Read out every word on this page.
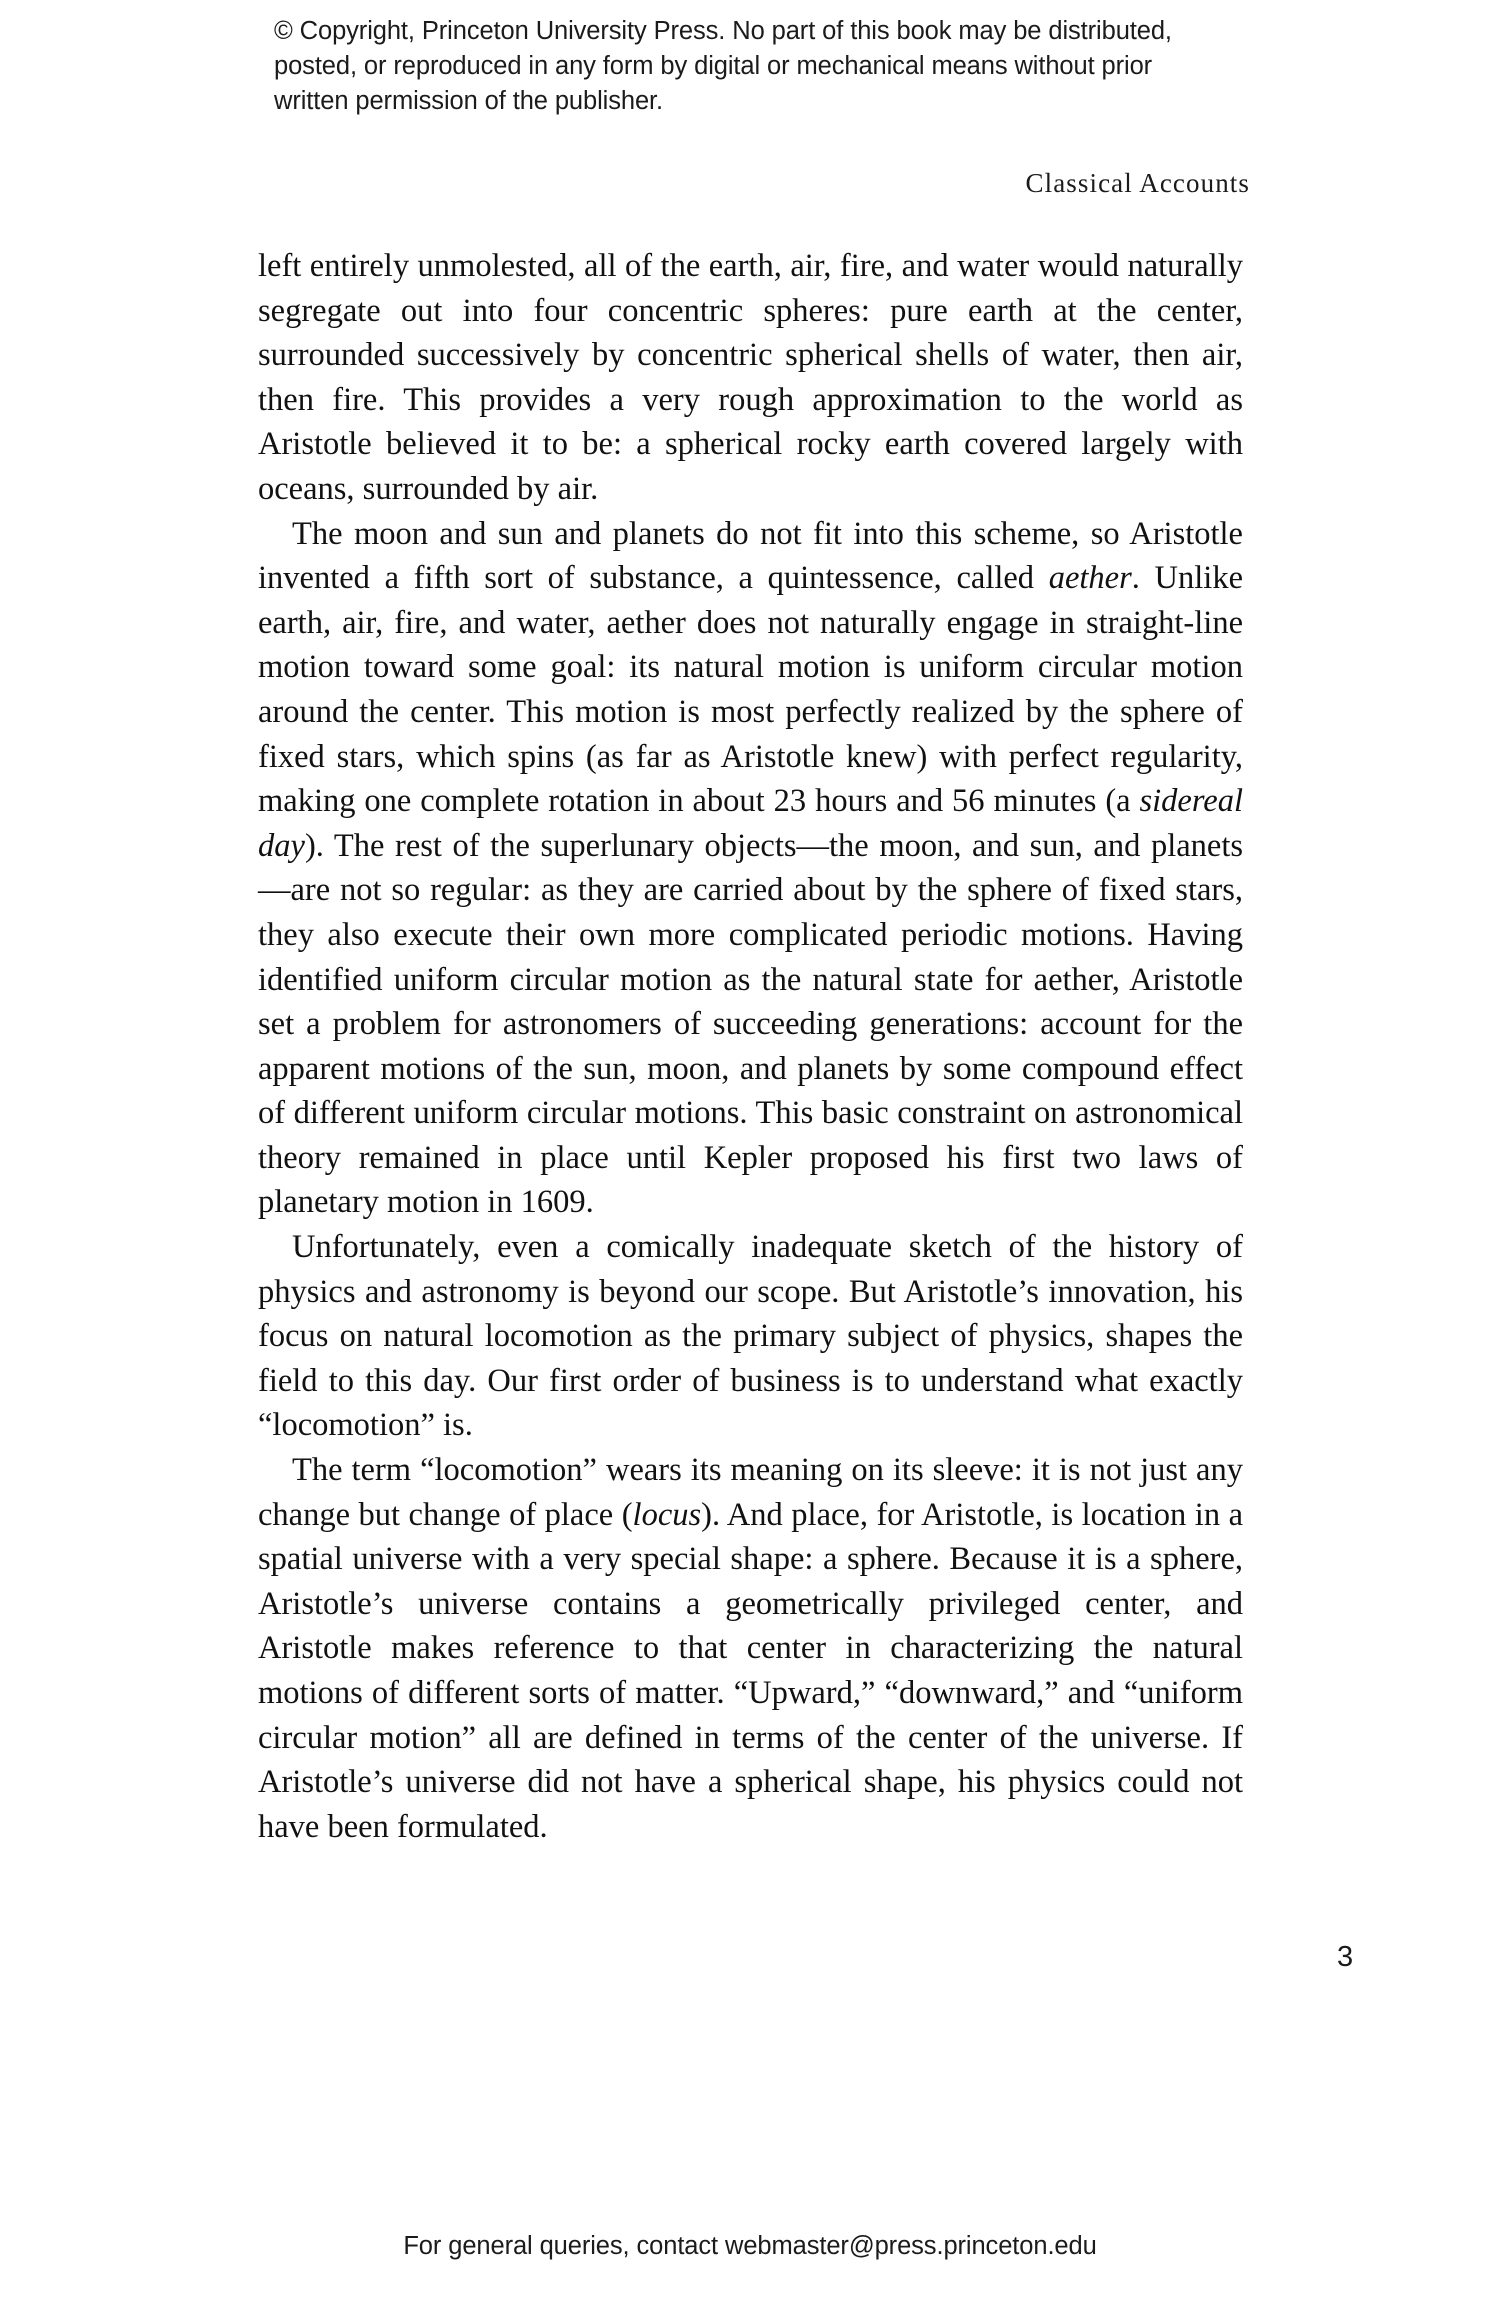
© Copyright, Princeton University Press. No part of this book may be distributed, posted, or reproduced in any form by digital or mechanical means without prior written permission of the publisher.
Classical Accounts

left entirely unmolested, all of the earth, air, fire, and water would naturally segregate out into four concentric spheres: pure earth at the center, surrounded successively by concentric spherical shells of water, then air, then fire. This provides a very rough approximation to the world as Aristotle believed it to be: a spherical rocky earth covered largely with oceans, surrounded by air.

The moon and sun and planets do not fit into this scheme, so Aristotle invented a fifth sort of substance, a quintessence, called aether. Unlike earth, air, fire, and water, aether does not naturally engage in straight-line motion toward some goal: its natural motion is uniform circular motion around the center. This motion is most perfectly realized by the sphere of fixed stars, which spins (as far as Aristotle knew) with perfect regularity, making one complete rotation in about 23 hours and 56 minutes (a sidereal day). The rest of the superlunary objects—the moon, and sun, and planets—are not so regular: as they are carried about by the sphere of fixed stars, they also execute their own more complicated periodic motions. Having identified uniform circular motion as the natural state for aether, Aristotle set a problem for astronomers of succeeding generations: account for the apparent motions of the sun, moon, and planets by some compound effect of different uniform circular motions. This basic constraint on astronomical theory remained in place until Kepler proposed his first two laws of planetary motion in 1609.

Unfortunately, even a comically inadequate sketch of the history of physics and astronomy is beyond our scope. But Aristotle’s innovation, his focus on natural locomotion as the primary subject of physics, shapes the field to this day. Our first order of business is to understand what exactly “locomotion” is.

The term “locomotion” wears its meaning on its sleeve: it is not just any change but change of place (locus). And place, for Aristotle, is location in a spatial universe with a very special shape: a sphere. Because it is a sphere, Aristotle’s universe contains a geometrically privileged center, and Aristotle makes reference to that center in characterizing the natural motions of different sorts of matter. “Upward,” “downward,” and “uniform circular motion” all are defined in terms of the center of the universe. If Aristotle’s universe did not have a spherical shape, his physics could not have been formulated.

3
For general queries, contact webmaster@press.princeton.edu
